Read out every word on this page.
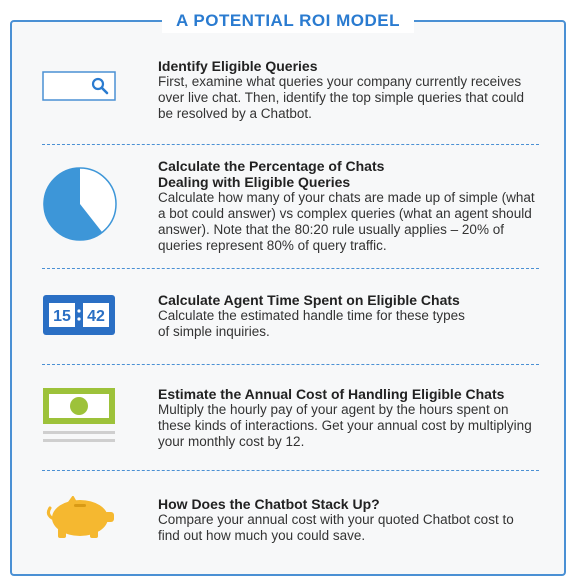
A POTENTIAL ROI MODEL
Identify Eligible Queries

First, examine what queries your company currently receives over live chat. Then, identify the top simple queries that could be resolved by a Chatbot.

Calculate the Percentage of Chats Dealing with Eligible Queries

Calculate how many of your chats are made up of simple (what a bot could answer) vs complex queries (what an agent should answer). Note that the 80:20 rule usually applies – 20% of queries represent 80% of query traffic.

15 42
Calculate Agent Time Spent on Eligible Chats

Calculate the estimated handle time for these types of simple inquiries.

Estimate the Annual Cost of Handling Eligible Chats

Multiply the hourly pay of your agent by the hours spent on these kinds of interactions. Get your annual cost by multiplying your monthly cost by 12.

How Does the Chatbot Stack Up?

Compare your annual cost with your quoted Chatbot cost to find out how much you could save.
